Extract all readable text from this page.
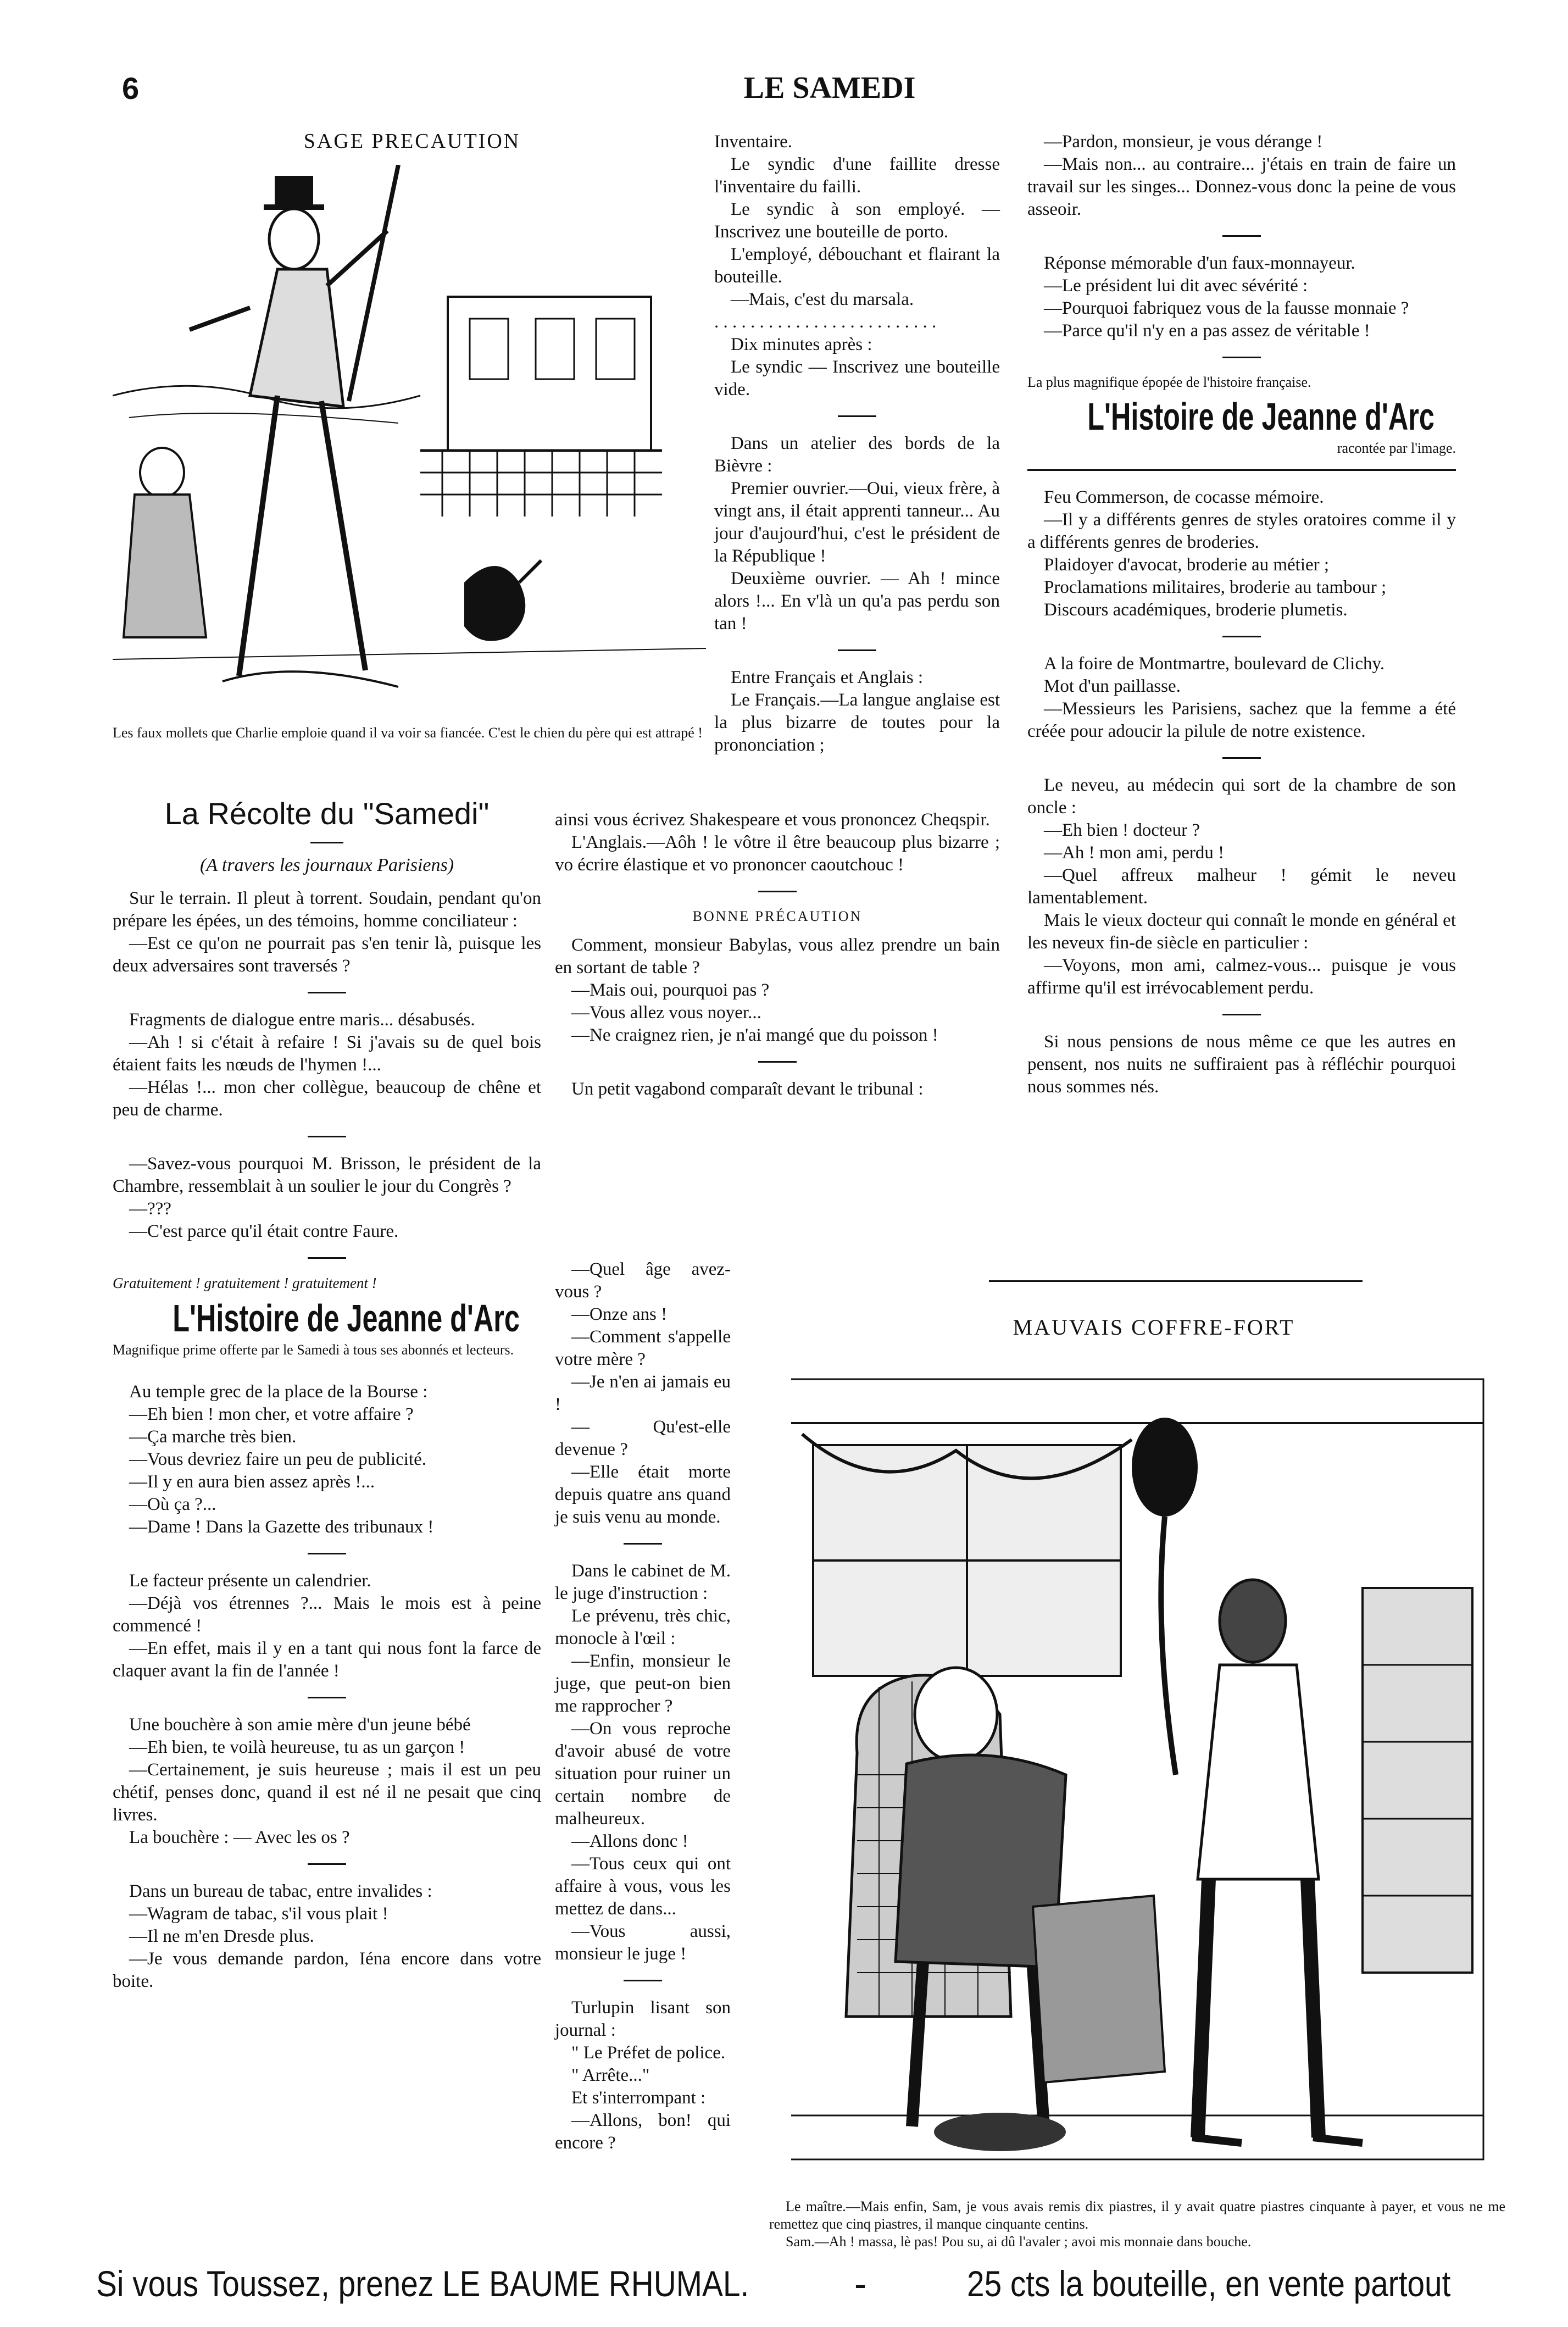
6	LE SAMEDI
SAGE PRECAUTION
Les faux mollets que Charlie emploie quand il va voir sa fiancée. C'est le chien du père qui est attrapé !
La Récolte du "Samedi"
(A travers les journaux Parisiens)

Sur le terrain. Il pleut à torrent. Soudain, pendant qu'on prépare les épées, un des témoins, homme conciliateur :

—Est ce qu'on ne pourrait pas s'en tenir là, puisque les deux adversaires sont traversés ?

Fragments de dialogue entre maris... désabusés.

—Ah ! si c'était à refaire ! Si j'avais su de quel bois étaient faits les nœuds de l'hymen !...

—Hélas !... mon cher collègue, beaucoup de chêne et peu de charme.

—Savez-vous pourquoi M. Brisson, le président de la Chambre, ressemblait à un soulier le jour du Congrès ?

—???

—C'est parce qu'il était contre Faure.

Gratuitement ! gratuitement ! gratuitement !
L'Histoire de Jeanne d'Arc
Magnifique prime offerte par le Samedi à tous ses abonnés et lecteurs.

Au temple grec de la place de la Bourse :

—Eh bien ! mon cher, et votre affaire ?

—Ça marche très bien.

—Vous devriez faire un peu de publicité.

—Il y en aura bien assez après !...

—Où ça ?...

—Dame ! Dans la Gazette des tribunaux !

Le facteur présente un calendrier.

—Déjà vos étrennes ?... Mais le mois est à peine commencé !

—En effet, mais il y en a tant qui nous font la farce de claquer avant la fin de l'année !

Une bouchère à son amie mère d'un jeune bébé

—Eh bien, te voilà heureuse, tu as un garçon !

—Certainement, je suis heureuse ; mais il est un peu chétif, penses donc, quand il est né il ne pesait que cinq livres.

La bouchère : — Avec les os ?

Dans un bureau de tabac, entre invalides :

—Wagram de tabac, s'il vous plait !

—Il ne m'en Dresde plus.

—Je vous demande pardon, Iéna encore dans votre boite.

Inventaire.

Le syndic d'une faillite dresse l'inventaire du failli.

Le syndic à son employé. — Inscrivez une bouteille de porto.

L'employé, débouchant et flairant la bouteille.

—Mais, c'est du marsala.

. . . . . . . . . . . . . . . . . . . . . . . . .

Dix minutes après :

Le syndic — Inscrivez une bouteille vide.

Dans un atelier des bords de la Bièvre :

Premier ouvrier.—Oui, vieux frère, à vingt ans, il était apprenti tanneur... Au jour d'aujourd'hui, c'est le président de la République !

Deuxième ouvrier. — Ah ! mince alors !... En v'là un qu'a pas perdu son tan !

Entre Français et Anglais :

Le Français.—La langue anglaise est la plus bizarre de toutes pour la prononciation ;

ainsi vous écrivez Shakespeare et vous prononcez Cheqspir.

L'Anglais.—Aôh ! le vôtre il être beaucoup plus bizarre ; vo écrire élastique et vo prononcer caoutchouc !

BONNE PRÉCAUTION

Comment, monsieur Babylas, vous allez prendre un bain en sortant de table ?

—Mais oui, pourquoi pas ?

—Vous allez vous noyer...

—Ne craignez rien, je n'ai mangé que du poisson !

Un petit vagabond comparaît devant le tribunal :

—Quel âge avez-vous ?

—Onze ans !

—Comment s'appelle votre mère ?

—Je n'en ai jamais eu !

— Qu'est-elle devenue ?

—Elle était morte depuis quatre ans quand je suis venu au monde.

Dans le cabinet de M. le juge d'instruction :

Le prévenu, très chic, monocle à l'œil :

—Enfin, monsieur le juge, que peut-on bien me rapprocher ?

—On vous reproche d'avoir abusé de votre situation pour ruiner un certain nombre de malheureux.

—Allons donc !

—Tous ceux qui ont affaire à vous, vous les mettez de dans...

—Vous aussi, monsieur le juge !

Turlupin lisant son journal :

" Le Préfet de police.

" Arrête..."

Et s'interrompant :

—Allons, bon! qui encore ?

—Pardon, monsieur, je vous dérange !

—Mais non... au contraire... j'étais en train de faire un travail sur les singes... Donnez-vous donc la peine de vous asseoir.

Réponse mémorable d'un faux-monnayeur.

—Le président lui dit avec sévérité :

—Pourquoi fabriquez vous de la fausse monnaie ?

—Parce qu'il n'y en a pas assez de véritable !

La plus magnifique épopée de l'histoire française.
L'Histoire de Jeanne d'Arc
racontée par l'image.

Feu Commerson, de cocasse mémoire.

—Il y a différents genres de styles oratoires comme il y a différents genres de broderies.

Plaidoyer d'avocat, broderie au métier ;

Proclamations militaires, broderie au tambour ;

Discours académiques, broderie plumetis.

A la foire de Montmartre, boulevard de Clichy.

Mot d'un paillasse.

—Messieurs les Parisiens, sachez que la femme a été créée pour adoucir la pilule de notre existence.

Le neveu, au médecin qui sort de la chambre de son oncle :

—Eh bien ! docteur ?

—Ah ! mon ami, perdu !

—Quel affreux malheur ! gémit le neveu lamentablement.

Mais le vieux docteur qui connaît le monde en général et les neveux fin-de siècle en particulier :

—Voyons, mon ami, calmez-vous... puisque je vous affirme qu'il est irrévocablement perdu.

Si nous pensions de nous même ce que les autres en pensent, nos nuits ne suffiraient pas à réfléchir pourquoi nous sommes nés.

MAUVAIS COFFRE-FORT

Le maître.—Mais enfin, Sam, je vous avais remis dix piastres, il y avait quatre piastres cinquante à payer, et vous ne me remettez que cinq piastres, il manque cinquante centins.

Sam.—Ah ! massa, lè pas! Pou su, ai dû l'avaler ; avoi mis monnaie dans bouche.

Si vous Toussez, prenez LE BAUME RHUMAL.	-	25 cts la bouteille, en vente partout
